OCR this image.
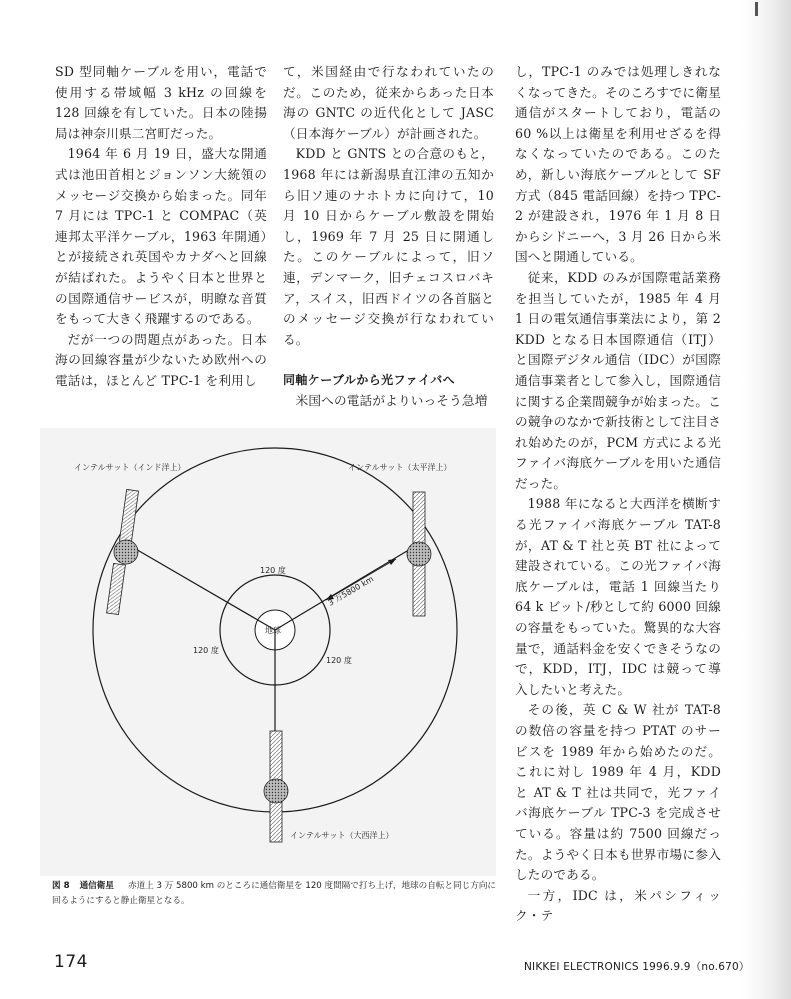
SD 型同軸ケーブルを用い，電話で使用する帯域幅 3 kHz の回線を 128 回線を有していた。日本の陸揚局は神奈川県二宮町だった。

1964 年 6 月 19 日，盛大な開通式は池田首相とジョンソン大統領のメッセージ交換から始まった。同年 7 月には TPC-1 と COMPAC（英連邦太平洋ケーブル，1963 年開通）とが接続され英国やカナダへと回線が結ばれた。ようやく日本と世界との国際通信サービスが，明瞭な音質をもって大きく飛躍するのである。

だが一つの問題点があった。日本海の回線容量が少ないため欧州への電話は，ほとんど TPC-1 を利用し

て，米国経由で行なわれていたのだ。このため，従来からあった日本海の GNTC の近代化として JASC（日本海ケーブル）が計画された。

KDD と GNTS との合意のもと，1968 年には新潟県直江津の五知から旧ソ連のナホトカに向けて，10 月 10 日からケーブル敷設を開始し，1969 年 7 月 25 日に開通した。このケーブルによって，旧ソ連，デンマーク，旧チェコスロバキア，スイス，旧西ドイツの各首脳とのメッセージ交換が行なわれている。

同軸ケーブルから光ファイバへ

米国への電話がよりいっそう急増

し，TPC-1 のみでは処理しきれなくなってきた。そのころすでに衛星通信がスタートしており，電話の 60 %以上は衛星を利用せざるを得なくなっていたのである。このため，新しい海底ケーブルとして SF 方式（845 電話回線）を持つ TPC-2 が建設され，1976 年 1 月 8 日からシドニーへ，3 月 26 日から米国へと開通している。

従来，KDD のみが国際電話業務を担当していたが，1985 年 4 月 1 日の電気通信事業法により，第 2 KDD となる日本国際通信（ITJ）と国際デジタル通信（IDC）が国際通信事業者として参入し，国際通信に関する企業間競争が始まった。この競争のなかで新技術として注目され始めたのが，PCM 方式による光ファイバ海底ケーブルを用いた通信だった。

1988 年になると大西洋を横断する光ファイバ海底ケーブル TAT-8 が，AT & T 社と英 BT 社によって建設されている。この光ファイバ海底ケーブルは，電話 1 回線当たり 64 k ビット/秒として約 6000 回線の容量をもっていた。驚異的な大容量で，通話料金を安くできそうなので，KDD，ITJ，IDC は競って導入したいと考えた。

その後，英 C & W 社が TAT-8 の数倍の容量を持つ PTAT のサービスを 1989 年から始めたのだ。これに対し 1989 年 4 月，KDD と AT & T 社は共同で，光ファイバ海底ケーブル TPC-3 を完成させている。容量は約 7500 回線だった。ようやく日本も世界市場に参入したのである。

一方，IDC は，米パシフィック・テ

インテルサット（インド洋上）	インテルサット（太平洋上）
インテルサット（大西洋上）
地球
120 度
120 度
120 度
3 万5800 km
図 8 通信衛星 赤道上 3 万 5800 km のところに通信衛星を 120 度間隔で打ち上げ，地球の自転と同じ方向に回るようにすると静止衛星となる。
174	NIKKEI ELECTRONICS 1996.9.9（no.670）
